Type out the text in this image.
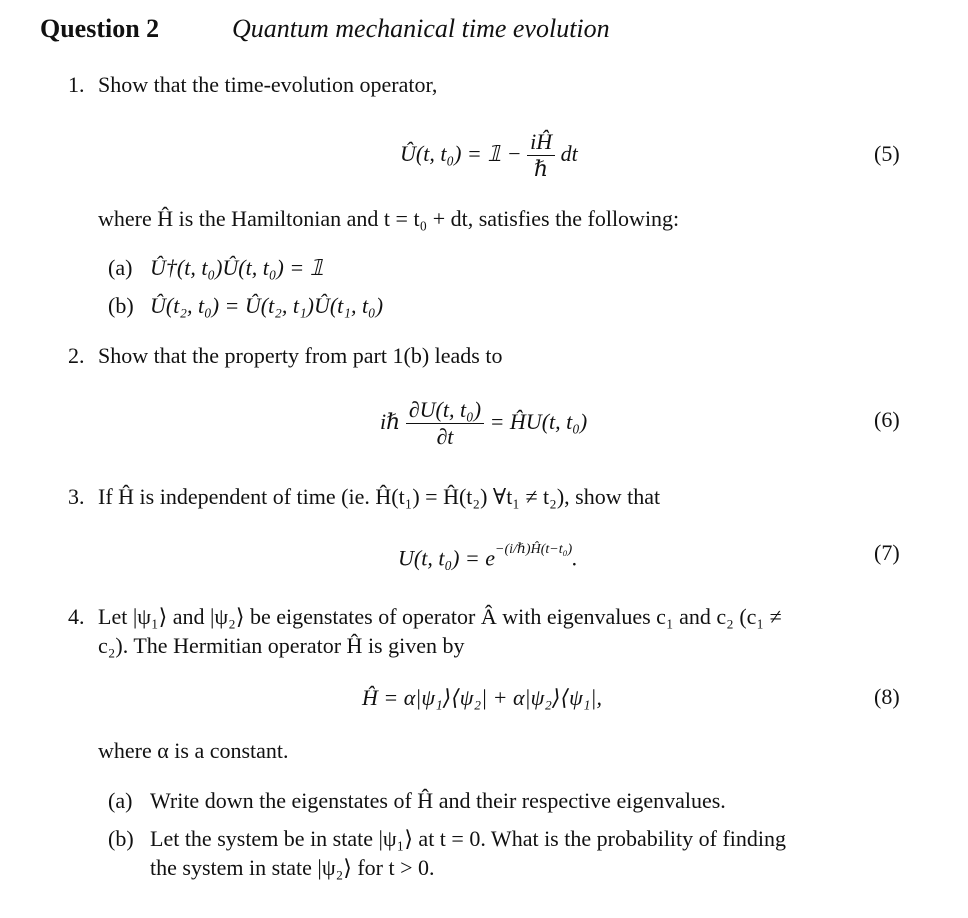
Question 2	Quantum mechanical time evolution
1. Show that the time-evolution operator,
Û(t, t₀) = 𝟙 − $\frac{iĤ}{\text{ℏ}}$ dt	(5)
where Ĥ is the Hamiltonian and t = t₀ + dt, satisfies the following:
(a) Û†(t, t₀)Û(t, t₀) = 𝟙
(b) Û(t₂, t₀) = Û(t₂, t₁)Û(t₁, t₀)
2. Show that the property from part 1(b) leads to
iℏ $\frac{\text{∂U(t, t₀)}}{\partial t}$ = ĤU(t, t₀)	(6)
3. If Ĥ is independent of time (ie. Ĥ(t₁) = Ĥ(t₂) ∀t₁ ≠ t₂), show that
U(t, $t_0) = e^{-(i/\hbar)Ĥ(t-t_0)}$.	(7)
4. Let |ψ₁⟩ and |ψ₂⟩ be eigenstates of operator Â with eigenvalues c₁ and c₂ (c₁ ≠
c₂). The Hermitian operator Ĥ is given by
Ĥ = α|ψ₁⟩⟨ψ₂| + α|ψ₂⟩⟨ψ₁|,	(8)
where α is a constant.
(a) Write down the eigenstates of Ĥ and their respective eigenvalues.
(b) Let the system be in state |ψ₁⟩ at t = 0. What is the probability of finding
the system in state |ψ₂⟩ for t > 0.
